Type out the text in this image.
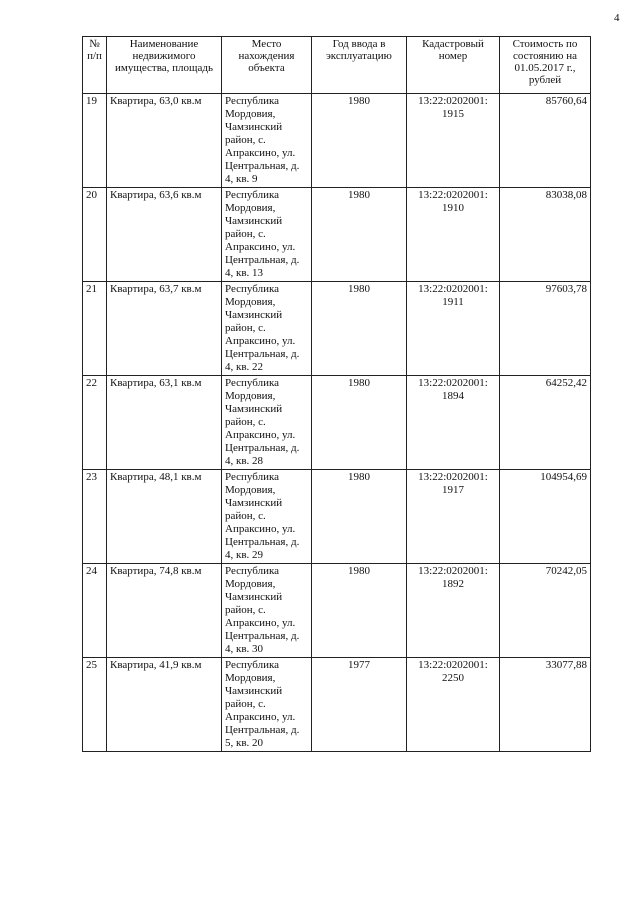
4
№ п/п	Наименование недвижимого имущества, площадь	Место нахождения объекта	Год ввода в эксплуатацию	Кадастровый номер	Стоимость по состоянию на 01.05.2017 г., рублей
19	Квартира, 63,0 кв.м	Республика Мордовия, Чамзинский район, с. Апраксино, ул. Центральная, д. 4, кв. 9	1980	13:22:0202001: 1915	85760,64
20	Квартира, 63,6 кв.м	Республика Мордовия, Чамзинский район, с. Апраксино, ул. Центральная, д. 4, кв. 13	1980	13:22:0202001: 1910	83038,08
21	Квартира, 63,7 кв.м	Республика Мордовия, Чамзинский район, с. Апраксино, ул. Центральная, д. 4, кв. 22	1980	13:22:0202001: 1911	97603,78
22	Квартира, 63,1 кв.м	Республика Мордовия, Чамзинский район, с. Апраксино, ул. Центральная, д. 4, кв. 28	1980	13:22:0202001: 1894	64252,42
23	Квартира, 48,1 кв.м	Республика Мордовия, Чамзинский район, с. Апраксино, ул. Центральная, д. 4, кв. 29	1980	13:22:0202001: 1917	104954,69
24	Квартира, 74,8 кв.м	Республика Мордовия, Чамзинский район, с. Апраксино, ул. Центральная, д. 4, кв. 30	1980	13:22:0202001: 1892	70242,05
25	Квартира, 41,9 кв.м	Республика Мордовия, Чамзинский район, с. Апраксино, ул. Центральная, д. 5, кв. 20	1977	13:22:0202001: 2250	33077,88
